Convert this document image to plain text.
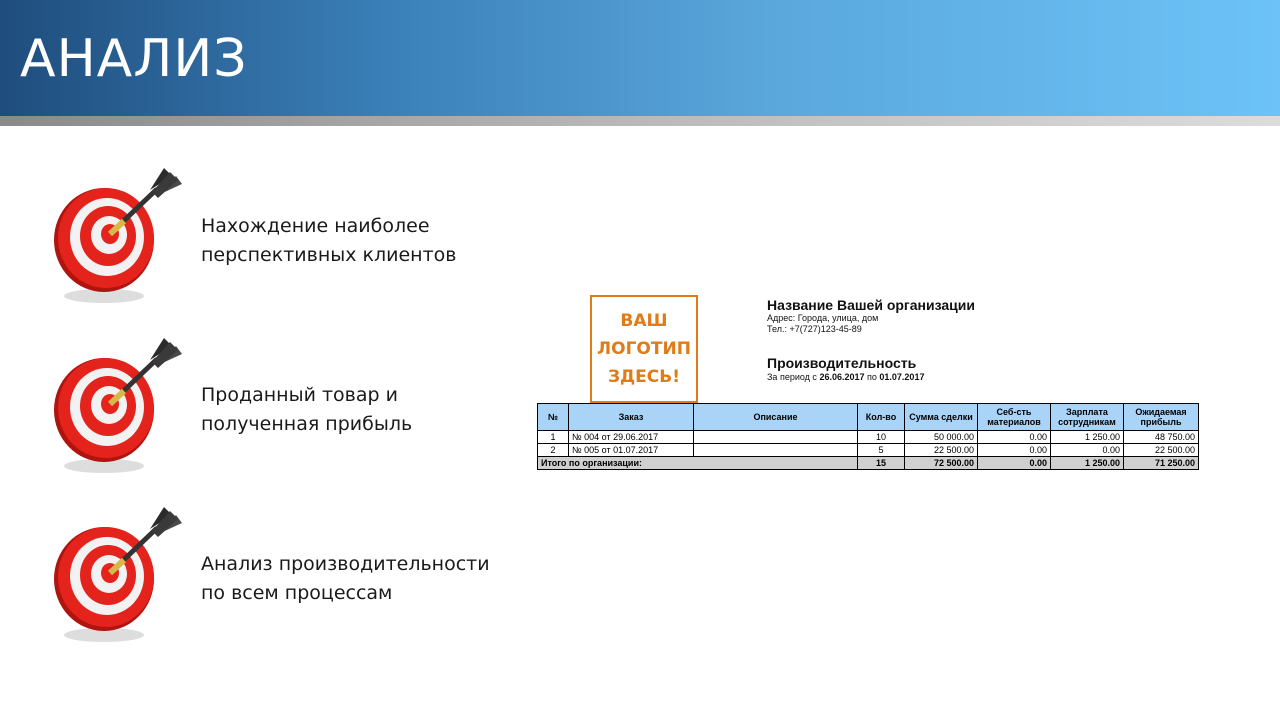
АНАЛИЗ
Нахождение наиболее
перспективных клиентов
Проданный товар и
полученная прибыль
Анализ производительности
по всем процессам
ВАШ
ЛОГОТИП
ЗДЕСЬ!
Название Вашей организации
Адрес: Города, улица, дом
Тел.: +7(727)123-45-89
Производительность
За период с 26.06.2017 по 01.07.2017
№	Заказ	Описание	Кол-во	Сумма сделки	Себ-сть материалов	Зарплата сотрудникам	Ожидаемая прибыль
1	№ 004 от 29.06.2017		10	50 000.00	0.00	1 250.00	48 750.00
2	№ 005 от 01.07.2017		5	22 500.00	0.00	0.00	22 500.00
Итого по организации:			15	72 500.00	0.00	1 250.00	71 250.00
